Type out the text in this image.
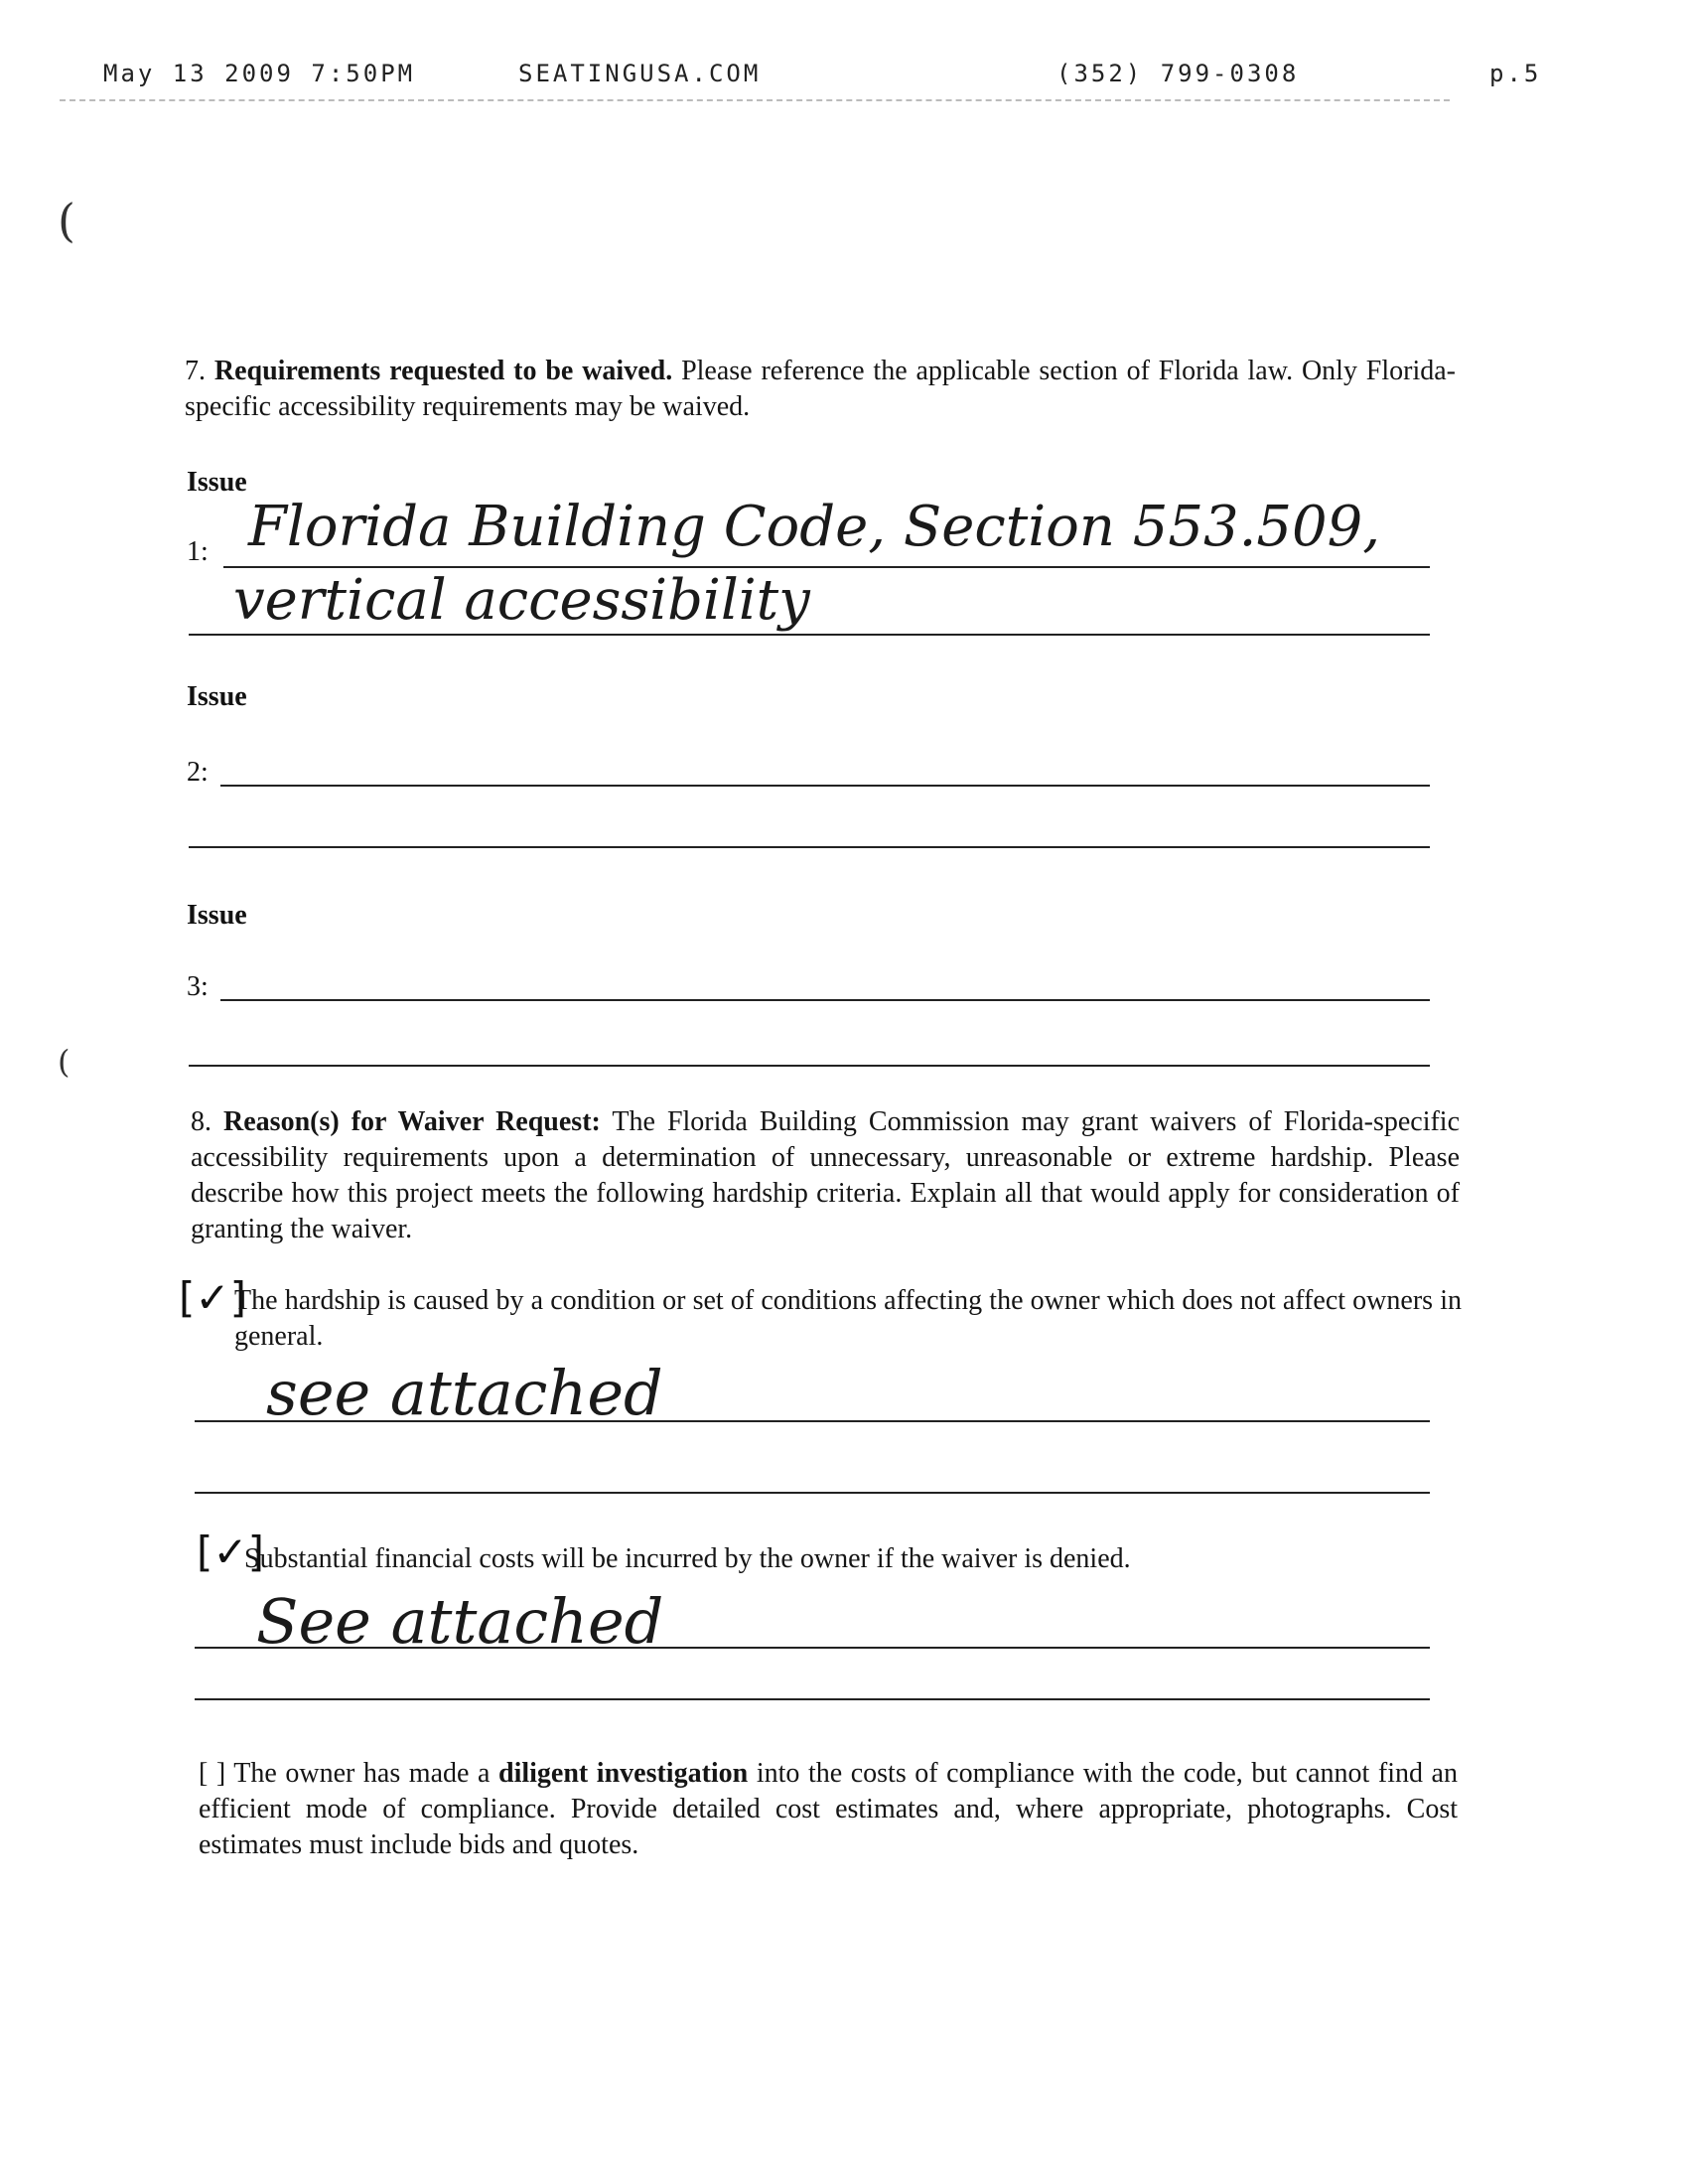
May 13 2009 7:50PM	SEATINGUSA.COM	(352) 799-0308	p.5
(
(
7. Requirements requested to be waived. Please reference the applicable section of Florida law. Only Florida-specific accessibility requirements may be waived.
Issue
1: Florida Building Code, Section 553.509,
vertical accessibility
Issue
2:
Issue
3:
8. Reason(s) for Waiver Request: The Florida Building Commission may grant waivers of Florida-specific accessibility requirements upon a determination of unnecessary, unreasonable or extreme hardship. Please describe how this project meets the following hardship criteria. Explain all that would apply for consideration of granting the waiver.
[✓]
The hardship is caused by a condition or set of conditions affecting the owner which does not affect owners in general.
see attached
[✓]
Substantial financial costs will be incurred by the owner if the waiver is denied.
See attached
[ ] The owner has made a diligent investigation into the costs of compliance with the code, but cannot find an efficient mode of compliance. Provide detailed cost estimates and, where appropriate, photographs. Cost estimates must include bids and quotes.
